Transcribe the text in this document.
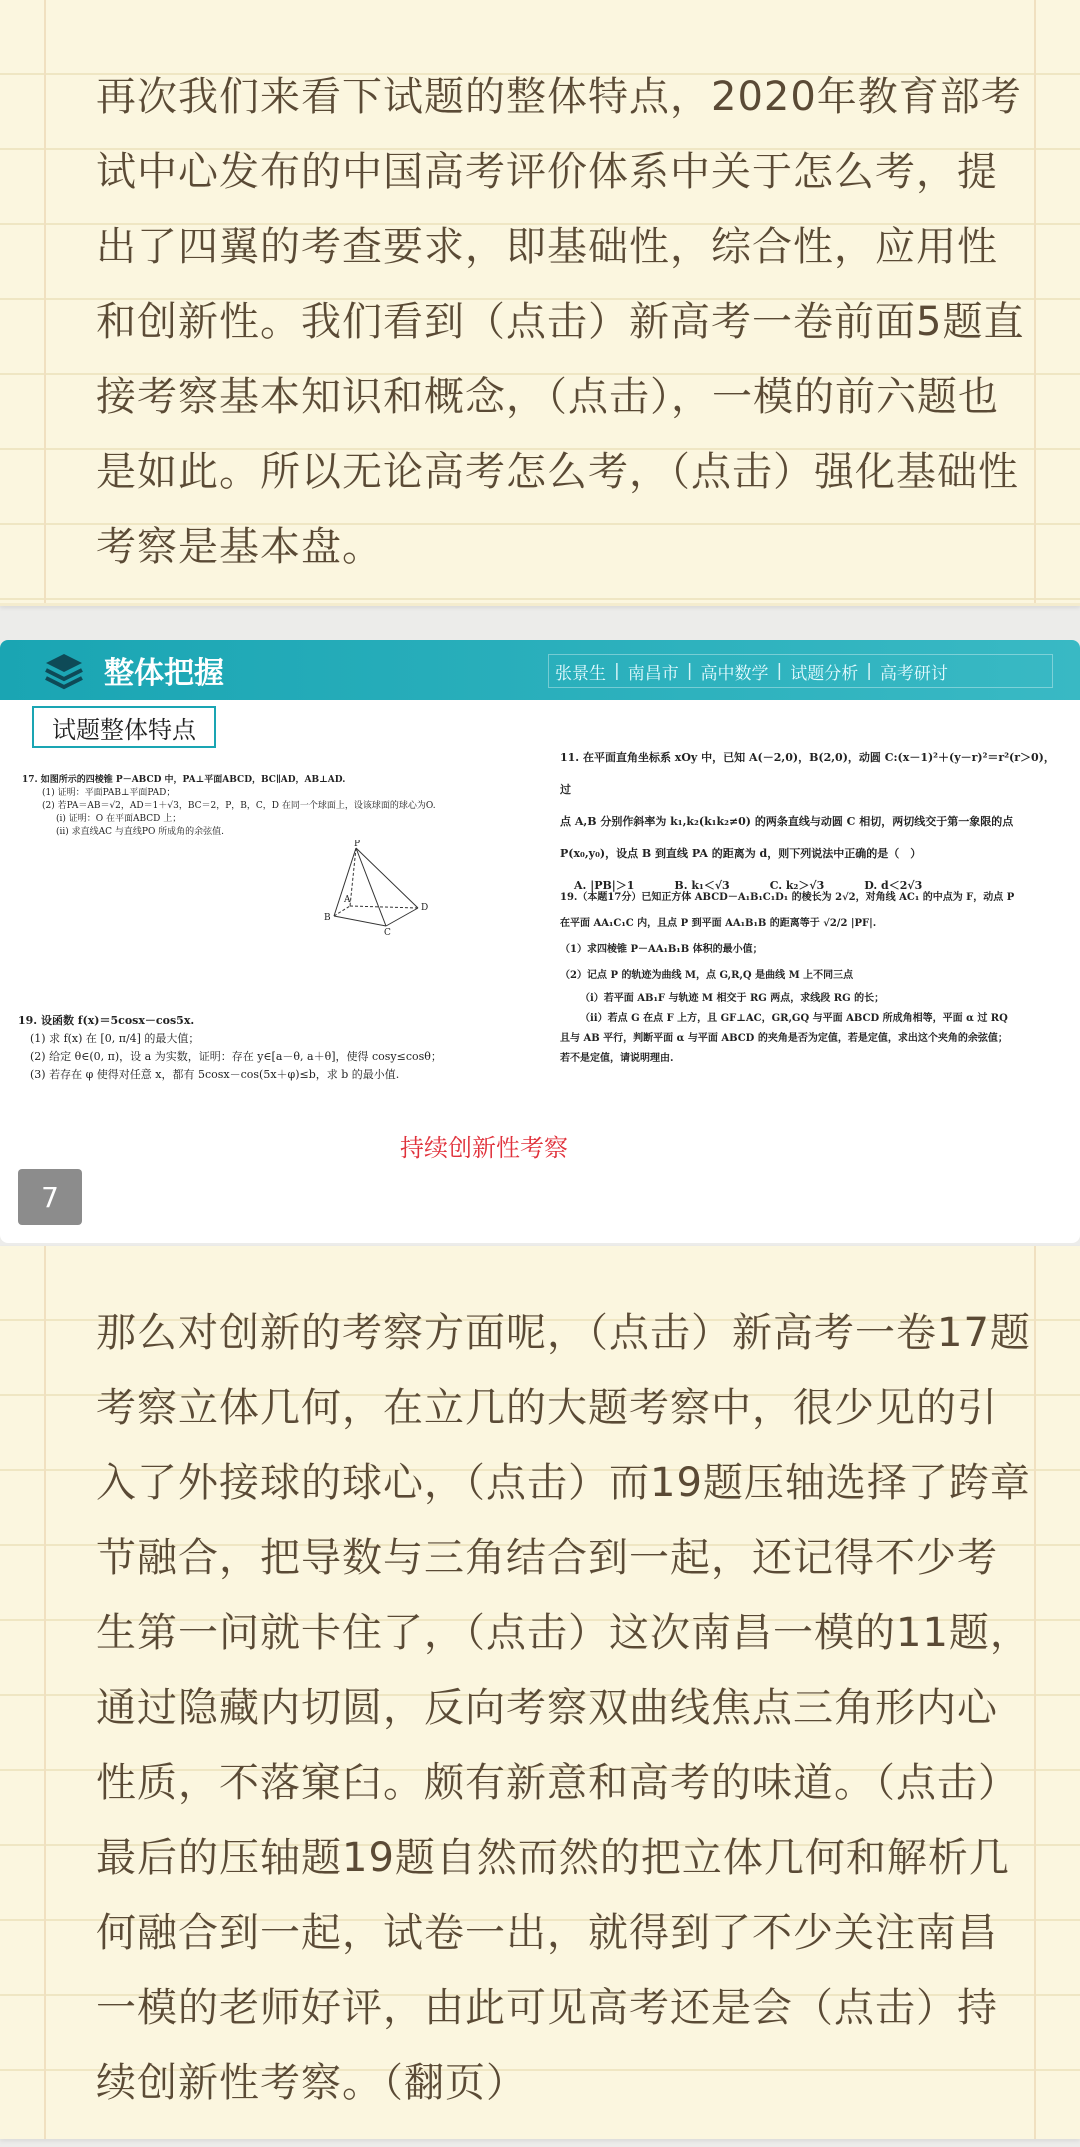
再次我们来看下试题的整体特点，2020年教育部考试中心发布的中国高考评价体系中关于怎么考，提出了四翼的考查要求，即基础性，综合性，应用性和创新性。我们看到（点击）新高考一卷前面5题直接考察基本知识和概念，（点击），一模的前六题也是如此。所以无论高考怎么考，（点击）强化基础性考察是基本盘。

整体把握	张景生 | 南昌市 | 高中数学 | 试题分析 | 高考研讨
试题整体特点
17. 如图所示的四棱锥 P－ABCD 中，PA⊥平面ABCD，BC∥AD，AB⊥AD.
(1) 证明：平面PAB⊥平面PAD；
(2) 若PA＝AB＝√2，AD＝1＋√3，BC＝2，P，B，C，D 在同一个球面上，设该球面的球心为O.
(i) 证明：O 在平面ABCD 上；
(ii) 求直线AC 与直线PO 所成角的余弦值.
P
A
D
B
C
19. 设函数 f(x)＝5cosx－cos5x.
(1) 求 f(x) 在 [0, π/4] 的最大值；
(2) 给定 θ∈(0, π)，设 a 为实数，证明：存在 y∈[a－θ, a＋θ]，使得 cosy≤cosθ；
(3) 若存在 φ 使得对任意 x，都有 5cosx－cos(5x＋φ)≤b，求 b 的最小值.
11. 在平面直角坐标系 xOy 中，已知 A(－2,0)，B(2,0)，动圆 C:(x－1)²＋(y－r)²＝r²(r＞0)，过
点 A,B 分别作斜率为 k₁,k₂(k₁k₂≠0) 的两条直线与动圆 C 相切，两切线交于第一象限的点
P(x₀,y₀)，设点 B 到直线 PA 的距离为 d，则下列说法中正确的是（　）
A. |PB|＞1	B. k₁＜√3	C. k₂＞√3	D. d＜2√3
19.（本题17分）已知正方体 ABCD－A₁B₁C₁D₁ 的棱长为 2√2，对角线 AC₁ 的中点为 F，动点 P
在平面 AA₁C₁C 内，且点 P 到平面 AA₁B₁B 的距离等于 √2/2 |PF|.
（1）求四棱锥 P－AA₁B₁B 体积的最小值；
（2）记点 P 的轨迹为曲线 M，点 G,R,Q 是曲线 M 上不同三点
（ⅰ）若平面 AB₁F 与轨迹 M 相交于 RG 两点，求线段 RG 的长；
（ⅱ）若点 G 在点 F 上方，且 GF⊥AC，GR,GQ 与平面 ABCD 所成角相等，平面 α 过 RQ
且与 AB 平行，判断平面 α 与平面 ABCD 的夹角是否为定值，若是定值，求出这个夹角的余弦值；
若不是定值，请说明理由.
持续创新性考察
7

那么对创新的考察方面呢，（点击）新高考一卷17题考察立体几何，在立几的大题考察中，很少见的引入了外接球的球心，（点击）而19题压轴选择了跨章节融合，把导数与三角结合到一起，还记得不少考生第一问就卡住了，（点击）这次南昌一模的11题，通过隐藏内切圆，反向考察双曲线焦点三角形内心性质，不落窠臼。颇有新意和高考的味道。（点击）最后的压轴题19题自然而然的把立体几何和解析几何融合到一起，试卷一出，就得到了不少关注南昌一模的老师好评，由此可见高考还是会（点击）持续创新性考察。（翻页）
